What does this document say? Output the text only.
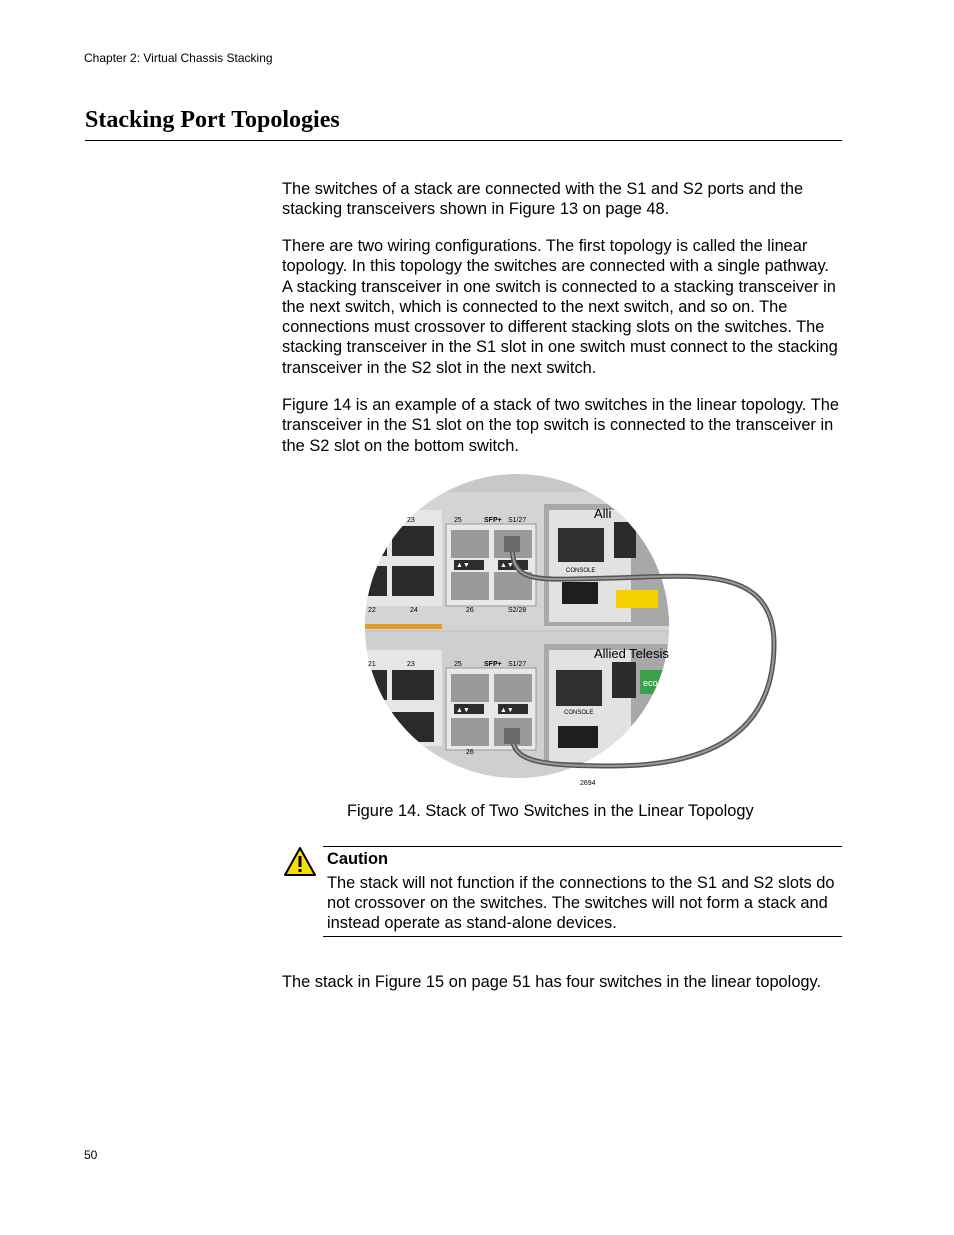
Chapter 2: Virtual Chassis Stacking
Stacking Port Topologies

The switches of a stack are connected with the S1 and S2 ports and the stacking transceivers shown in Figure 13 on page 48.

There are two wiring configurations. The first topology is called the linear topology. In this topology the switches are connected with a single pathway. A stacking transceiver in one switch is connected to a stacking transceiver in the next switch, which is connected to the next switch, and so on. The connections must crossover to different stacking slots on the switches. The stacking transceiver in the S1 slot in one switch must connect to the stacking transceiver in the S2 slot in the next switch.

Figure 14 is an example of a stack of two switches in the linear topology. The transceiver in the S1 slot on the top switch is connected to the transceiver in the S2 slot on the bottom switch.

23	25	SFP+ S1/27
22	24	26	S2/28
Alli
CONSOLE
▲▼	▲▼
21	23	25	SFP+ S1/27
26
Allied Telesis
CONSOLE
eco
▲▼	▲▼
2694

Figure 14. Stack of Two Switches in the Linear Topology

Caution

The stack will not function if the connections to the S1 and S2 slots do not crossover on the switches. The switches will not form a stack and instead operate as stand-alone devices.

The stack in Figure 15 on page 51 has four switches in the linear topology.

50
